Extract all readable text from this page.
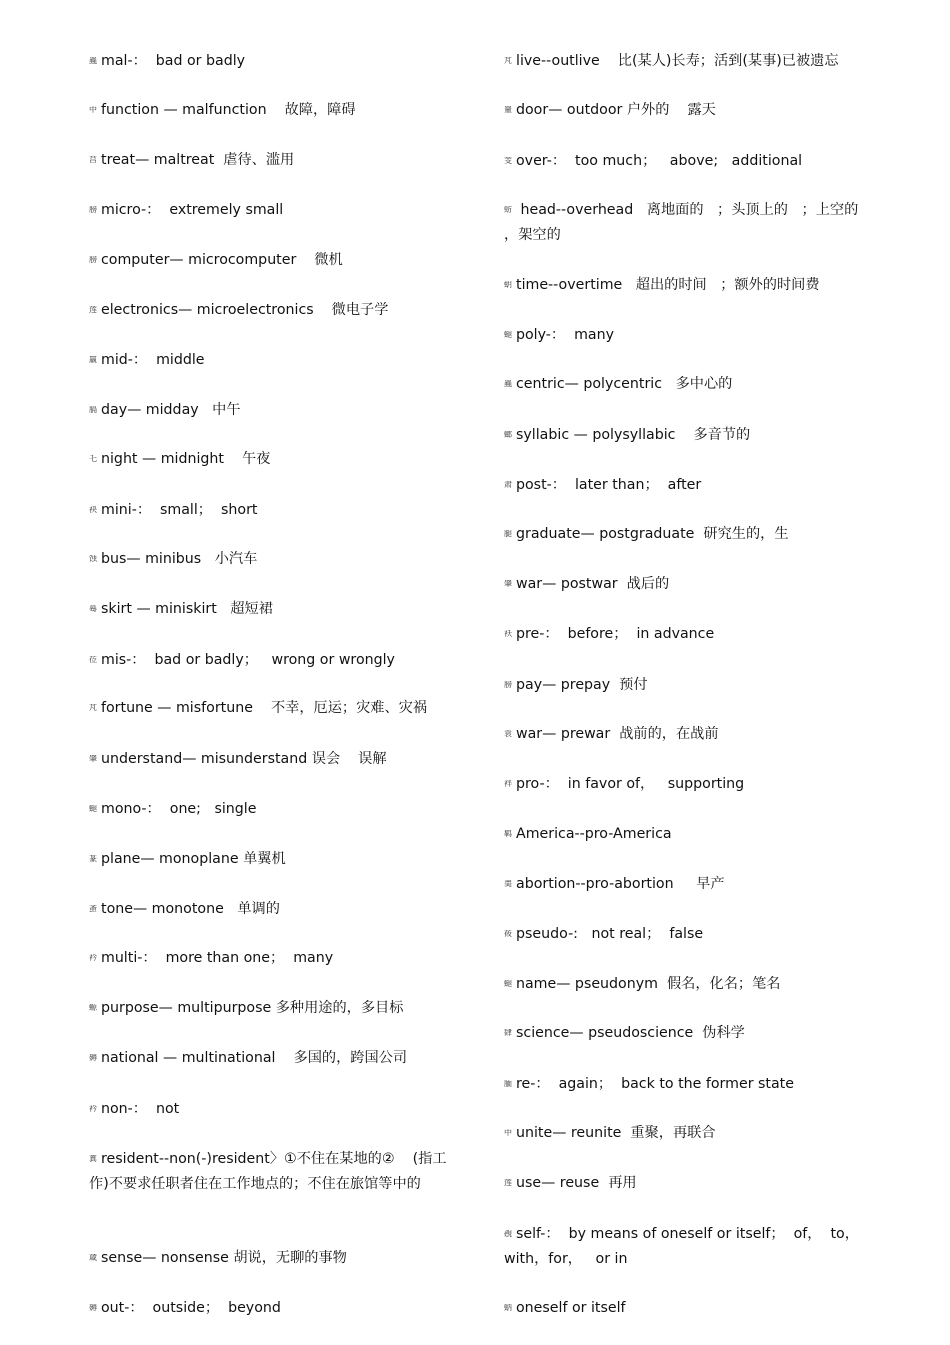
蟲 mal-：  bad or badly
中 function — malfunction    故障，障碍
莒 treat— maltreat  虐待、滥用
膀 micro-：  extremely small
膀 computer— microcomputer    微机
莲 electronics— microelectronics    微电子学
羸 mid-：  middle
膈 day— midday   中午
乇 night — midnight    午夜
袂 mini-：  small；  short
蚀 bus— minibus   小汽车
蓦 skirt — miniskirt   超短裙
莅 mis-：  bad or badly；   wrong or wrongly
芃 fortune — misfortune    不幸，厄运；灾难、灾祸
肇 understand— misunderstand 误会    误解
螁 mono-：  one;   single
蒃 plane— monoplane 单翼机
蚉 tone— monotone   单调的
衿 multi-：  more than one；  many
螈 purpose— multipurpose 多种用途的，多目标
薅 national — multinational    多国的，跨国公司
衿 non-：  not
蒖 resident--non(-)resident〉①不住在某地的②    (指工作)不要求任职者住在工作地点的；不住在旅馆等中的
蒧 sense— nonsense 胡说，无聊的事物
薅 out-：  outside；  beyond
芃 live--outlive    比(某人)长寿；活到(某事)已被遗忘
罿 door— outdoor 户外的    露天
芰 over-：  too much；   above;   additional
蚄 head--overhead   离地面的   ；头顶上的   ；上空的   ，架空的
蚏 time--overtime   超出的时间   ；额外的时间费
螁 poly-：  many
蟲 centric— polycentric   多中心的
螂 syllabic — polysyllabic    多音节的
肃 post-：  later than；  after
腿 graduate— postgraduate  研究生的，生
肇 war— postwar  战后的
袄 pre-：  before；  in advance
膀 pay— prepay  预付
袁 war— prewar  战前的，在战前
袢 pro-：  in favor of，   supporting
羁 America--pro-America
羮 abortion--pro-abortion     早产
莜 pseudo-:   not real；  false
螁 name— pseudonym  假名，化名；笔名
肄 science— pseudoscience  伪科学
腼 re-：  again；  back to the former state
中 unite— reunite  重聚，再联合
莲 use— reuse  再用
覕 self-：  by means of oneself or itself；  of，  to，  with，for，   or in
蚋 oneself or itself
